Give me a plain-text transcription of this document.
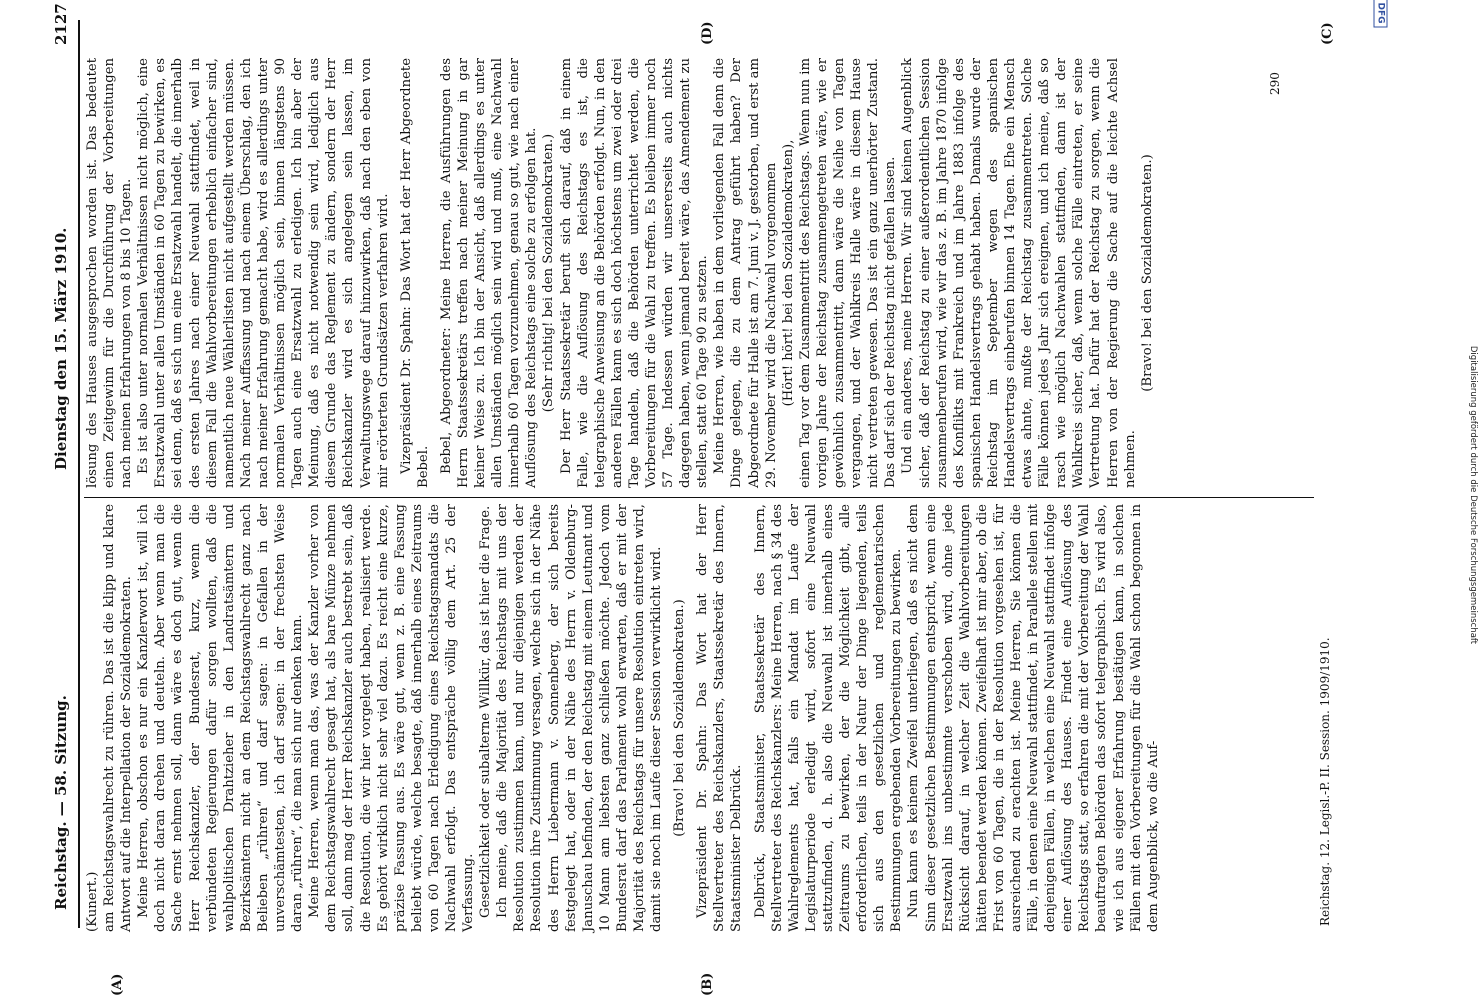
Reichstag. — 58. Sitzung.
Dienstag den 15. März 1910.
2127
(A)	(B)
(C)
(D)

(Kunert.) am Reichstagswahlrecht zu rühren. Das ist die klipp und klare Antwort auf die Interpellation der Sozialdemokraten. Meine Herren, obschon es nur ein Kanzlerwort ist, will ich doch nicht daran drehen und deuteln. Aber wenn man die Sache ernst nehmen soll, dann wäre es doch gut, wenn die Herr Reichskanzler, der Bundesrat, kurz, wenn die verbündeten Regierungen dafür sorgen wollten, daß die wahlpolitischen Drahtzieher in den Landratsämtern und Bezirksämtern nicht an dem Reichstagswahlrecht ganz nach Belieben „rühren“ und darf sagen: in Gefallen in der unverschämtesten, ich darf sagen: in der frechsten Weise daran „rühren“, die man sich nur denken kann. Meine Herren, wenn man das, was der Kanzler vorher von dem Reichstagswahlrecht gesagt hat, als bare Münze nehmen soll, dann mag der Herr Reichskanzler auch bestrebt sein, daß die Resolution, die wir hier vorgelegt haben, realisiert werde. Es gehört wirklich nicht sehr viel dazu. Es reicht eine kurze, präzise Fassung aus. Es wäre gut, wenn z. B. eine Fassung beliebt würde, welche besagte, daß innerhalb eines Zeitraums von 60 Tagen nach Erledigung eines Reichstagsmandats die Nachwahl erfolgt. Das entspräche völlig dem Art. 25 der Verfassung. Gesetzlichkeit oder subalterne Willkür, das ist hier die Frage. Ich meine, daß die Majorität des Reichstags mit uns der Resolution zustimmen kann, und nur diejenigen werden der Resolution ihre Zustimmung versagen, welche sich in der Nähe des Herrn Liebermann v. Sonnenberg, der sich bereits festgelegt hat, oder in der Nähe des Herrn v. Oldenburg-Januschau befinden, der den Reichstag mit einem Leutnant und 10 Mann am liebsten ganz schließen möchte. Jedoch vom Bundesrat darf das Parlament wohl erwarten, daß er mit der Majorität des Reichstags für unsere Resolution eintreten wird, damit sie noch im Laufe dieser Session verwirklicht wird. (Bravo! bei den Sozialdemokraten.) Vizepräsident Dr. Spahn: Das Wort hat der Herr Stellvertreter des Reichskanzlers, Staatssekretär des Innern, Staatsminister Delbrück. Delbrück, Staatsminister, Staatssekretär des Innern, Stellvertreter des Reichskanzlers: Meine Herren, nach § 34 des Wahlreglements hat, falls ein Mandat im Laufe der Legislaturperiode erledigt wird, sofort eine Neuwahl stattzufinden, d. h. also die Neuwahl ist innerhalb eines Zeitraums zu bewirken, der die Möglichkeit gibt, alle erforderlichen, teils in der Natur der Dinge liegenden, teils sich aus den gesetzlichen und reglementarischen Bestimmungen ergebenden Vorbereitungen zu bewirken. Nun kann es keinem Zweifel unterliegen, daß es nicht dem Sinn dieser gesetzlichen Bestimmungen entspricht, wenn eine Ersatzwahl ins unbestimmte verschoben wird, ohne jede Rücksicht darauf, in welcher Zeit die Wahlvorbereitungen hätten beendet werden können. Zweifelhaft ist mir aber, ob die Frist von 60 Tagen, die in der Resolution vorgesehen ist, für ausreichend zu erachten ist. Meine Herren, Sie können die Fälle, in denen eine Neuwahl stattfindet, in Parallele stellen mit denjenigen Fällen, in welchen eine Neuwahl stattfindet infolge einer Auflösung des Hauses. Findet eine Auflösung des Reichstags statt, so erfahren die mit der Vorbereitung der Wahl beauftragten Behörden das sofort telegraphisch. Es wird also, wie ich aus eigener Erfahrung bestätigen kann, in solchen Fällen mit den Vorbereitungen für die Wahl schon begonnen in dem Augenblick, wo die Auf-

lösung des Hauses ausgesprochen worden ist. Das bedeutet einen Zeitgewinn für die Durchführung der Vorbereitungen nach meinen Erfahrungen von 8 bis 10 Tagen. Es ist also unter normalen Verhältnissen nicht möglich, eine Ersatzwahl unter allen Umständen in 60 Tagen zu bewirken, es sei denn, daß es sich um eine Ersatzwahl handelt, die innerhalb des ersten Jahres nach einer Neuwahl stattfindet, weil in diesem Fall die Wahlvorbereitungen erheblich einfacher sind, namentlich neue Wählerlisten nicht aufgestellt werden müssen. Nach meiner Auffassung und nach einem Überschlag, den ich nach meiner Erfahrung gemacht habe, wird es allerdings unter normalen Verhältnissen möglich sein, binnen längstens 90 Tagen auch eine Ersatzwahl zu erledigen. Ich bin aber der Meinung, daß es nicht notwendig sein wird, lediglich aus diesem Grunde das Reglement zu ändern, sondern der Herr Reichskanzler wird es sich angelegen sein lassen, im Verwaltungswege darauf hinzuwirken, daß nach den eben von mir erörterten Grundsätzen verfahren wird. Vizepräsident Dr. Spahn: Das Wort hat der Herr Abgeordnete Bebel. Bebel, Abgeordneter: Meine Herren, die Ausführungen des Herrn Staatssekretärs treffen nach meiner Meinung in gar keiner Weise zu. Ich bin der Ansicht, daß allerdings es unter allen Umständen möglich sein wird und muß, eine Nachwahl innerhalb 60 Tagen vorzunehmen, genau so gut, wie nach einer Auflösung des Reichstags eine solche zu erfolgen hat. (Sehr richtig! bei den Sozialdemokraten.) Der Herr Staatssekretär beruft sich darauf, daß in einem Falle, wie die Auflösung des Reichstags es ist, die telegraphische Anweisung an die Behörden erfolgt. Nun, in den anderen Fällen kann es sich doch höchstens um zwei oder drei Tage handeln, daß die Behörden unterrichtet werden, die Vorbereitungen für die Wahl zu treffen. Es bleiben immer noch 57 Tage. Indessen würden wir unsererseits auch nichts dagegen haben, wenn jemand bereit wäre, das Amendement zu stellen, statt 60 Tage 90 zu setzen. Meine Herren, wie haben in dem vorliegenden Fall denn die Dinge gelegen, die zu dem Antrag geführt haben? Der Abgeordnete für Halle ist am 7. Juni v. J. gestorben, und erst am 29. November wird die Nachwahl vorgenommen (Hört! hört! bei den Sozialdemokraten), einen Tag vor dem Zusammentritt des Reichstags. Wenn nun im vorigen Jahre der Reichstag zusammengetreten wäre, wie er gewöhnlich zusammentritt, dann wäre die Neihe von Tagen vergangen, und der Wahlkreis Halle wäre in diesem Hause nicht vertreten gewesen. Das ist ein ganz unerhörter Zustand. Das darf sich der Reichstag nicht gefallen lassen. Und ein anderes, meine Herren. Wir sind keinen Augenblick sicher, daß der Reichstag zu einer außerordentlichen Session zusammenberufen wird, wie wir das z. B. im Jahre 1870 infolge des Konflikts mit Frankreich und im Jahre 1883 infolge des spanischen Handelsvertrags gehabt haben. Damals wurde der Reichstag im September wegen des spanischen Handelsvertrags einberufen binnen 14 Tagen. Ehe ein Mensch etwas ahnte, mußte der Reichstag zusammentreten. Solche Fälle können jedes Jahr sich ereignen, und ich meine, daß so rasch wie möglich Nachwahlen stattfinden, dann ist der Wahlkreis sicher, daß, wenn solche Fälle eintreten, er seine Vertretung hat. Dafür hat der Reichstag zu sorgen, wenn die Herren von der Regierung die Sache auf die leichte Achsel nehmen.

(Bravo! bei den Sozialdemokraten.)

Reichstag. 12. Legisl.-P. II. Session. 1909/1910.
290
Digitalisierung gefördert durch die Deutsche Forschungsgemeinschaft
DFG
